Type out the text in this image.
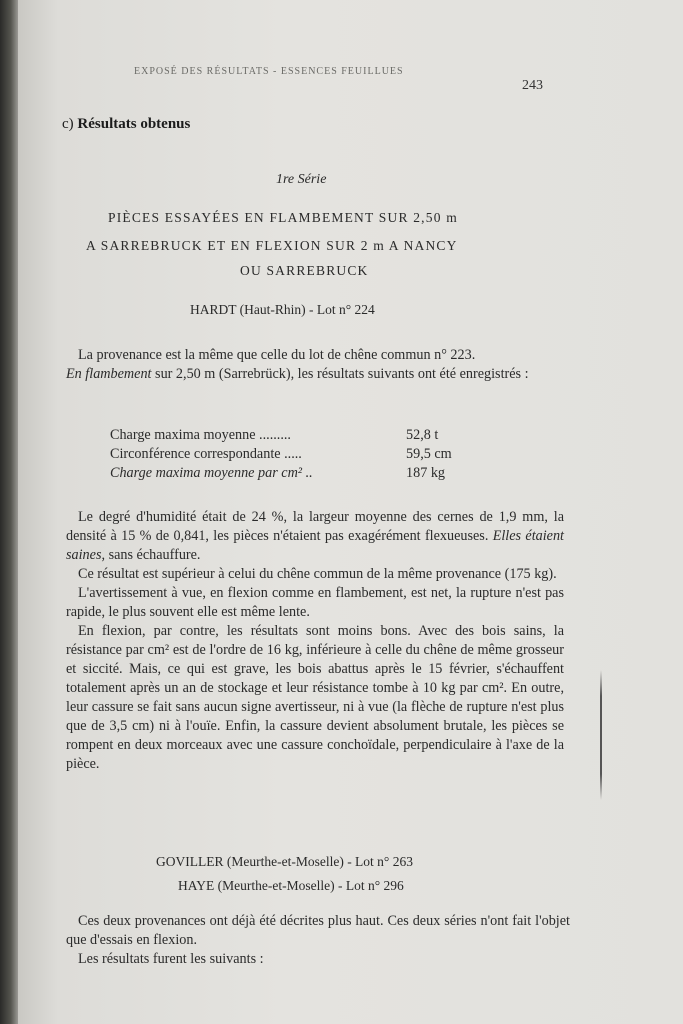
EXPOSÉ DES RÉSULTATS - ESSENCES FEUILLUES
243
c) Résultats obtenus
1re Série
PIÈCES ESSAYÉES EN FLAMBEMENT SUR 2,50 m
A SARREBRUCK ET EN FLEXION SUR 2 m A NANCY
OU SARREBRUCK
HARDT (Haut-Rhin) - Lot n° 224

La provenance est la même que celle du lot de chêne commun n° 223.

En flambement sur 2,50 m (Sarrebrück), les résultats suivants ont été enregistrés :
Charge maxima moyenne .........	52,8 t
Circonférence correspondante .....	59,5 cm
Charge maxima moyenne par cm² ..	187 kg

Le degré d'humidité était de 24 %, la largeur moyenne des cernes de 1,9 mm, la densité à 15 % de 0,841, les pièces n'étaient pas exagérément flexueuses. Elles étaient saines, sans échauffure.

Ce résultat est supérieur à celui du chêne commun de la même provenance (175 kg).

L'avertissement à vue, en flexion comme en flambement, est net, la rupture n'est pas rapide, le plus souvent elle est même lente.

En flexion, par contre, les résultats sont moins bons. Avec des bois sains, la résistance par cm² est de l'ordre de 16 kg, inférieure à celle du chêne de même grosseur et siccité. Mais, ce qui est grave, les bois abattus après le 15 février, s'échauffent totalement après un an de stockage et leur résistance tombe à 10 kg par cm². En outre, leur cassure se fait sans aucun signe avertisseur, ni à vue (la flèche de rupture n'est plus que de 3,5 cm) ni à l'ouïe. Enfin, la cassure devient absolument brutale, les pièces se rompent en deux morceaux avec une cassure conchoïdale, perpendiculaire à l'axe de la pièce.

GOVILLER (Meurthe-et-Moselle) - Lot n° 263
HAYE (Meurthe-et-Moselle) - Lot n° 296

Ces deux provenances ont déjà été décrites plus haut. Ces deux séries n'ont fait l'objet que d'essais en flexion.

Les résultats furent les suivants :
